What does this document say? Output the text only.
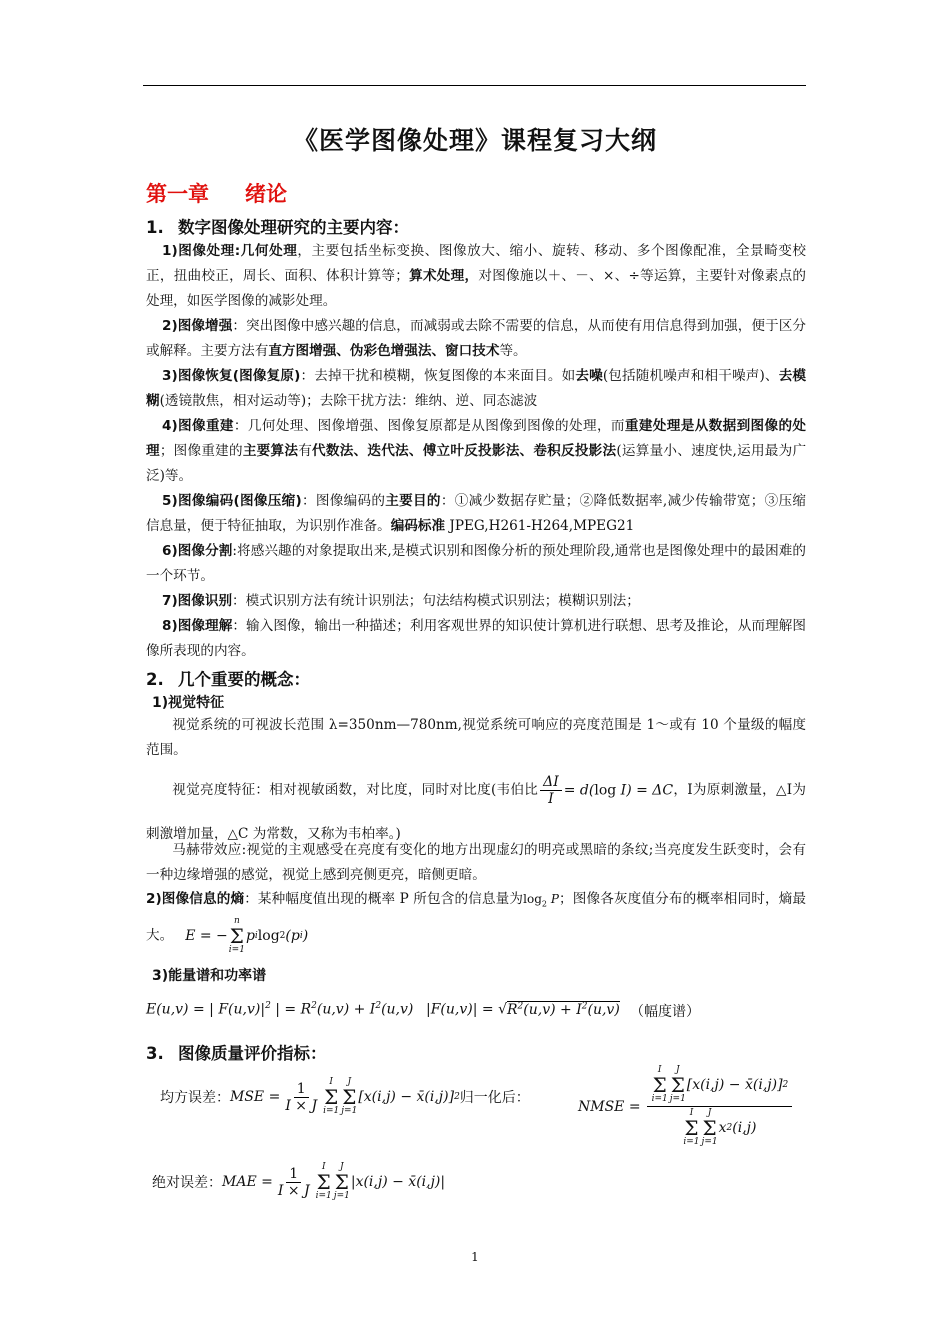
《医学图像处理》课程复习大纲
第一章 绪论
1. 数字图像处理研究的主要内容：
1)图像处理:几何处理，主要包括坐标变换、图像放大、缩小、旋转、移动、多个图像配准，全景畸变校正，扭曲校正，周长、面积、体积计算等；算术处理，对图像施以＋、－、×、÷等运算，主要针对像素点的处理，如医学图像的减影处理。
2)图像增强：突出图像中感兴趣的信息，而减弱或去除不需要的信息，从而使有用信息得到加强，便于区分或解释。主要方法有直方图增强、伪彩色增强法、窗口技术等。
3)图像恢复(图像复原)：去掉干扰和模糊，恢复图像的本来面目。如去噪(包括随机噪声和相干噪声)、去模糊(透镜散焦，相对运动等)；去除干扰方法：维纳、逆、同态滤波
4)图像重建：几何处理、图像增强、图像复原都是从图像到图像的处理，而重建处理是从数据到图像的处理；图像重建的主要算法有代数法、迭代法、傅立叶反投影法、卷积反投影法(运算量小、速度快,运用最为广泛)等。
5)图像编码(图像压缩)：图像编码的主要目的：①减少数据存贮量；②降低数据率,减少传输带宽；③压缩信息量，便于特征抽取，为识别作准备。编码标准 JPEG,H261-H264,MPEG21
6)图像分割:将感兴趣的对象提取出来,是模式识别和图像分析的预处理阶段,通常也是图像处理中的最困难的一个环节。
7)图像识别：模式识别方法有统计识别法；句法结构模式识别法；模糊识别法；
8)图像理解：输入图像，输出一种描述；利用客观世界的知识使计算机进行联想、思考及推论，从而理解图像所表现的内容。
2. 几个重要的概念：
1)视觉特征
视觉系统的可视波长范围 λ=350nm—780nm,视觉系统可响应的亮度范围是 1～或有 10 个量级的幅度范围。
视觉亮度特征：相对视敏函数，对比度，同时对比度(韦伯比 $\frac{\Delta I}{I} = d(\log$ I) = ΔC，Ⅰ为原刺激量，△Ⅰ为刺激增加量，△C 为常数，又称为韦柏率。)
马赫带效应:视觉的主观感受在亮度有变化的地方出现虚幻的明亮或黑暗的条纹;当亮度发生跃变时，会有一种边缘增强的感觉，视觉上感到亮侧更亮，暗侧更暗。
2)图像信息的熵：某种幅度值出现的概率 P 所包含的信息量为$\log_2 P$；图像各灰度值分布的概率相同时，熵最大。 E = −
n
Σ
i=1
p i log 2 (p i )
3)能量谱和功率谱
E(u,v) = | $F(u,v)|^2$ | = $R^2(u,v) + I^2(u,v) |F(u,v)| = √R^2(u,v) + I^2(u,v)$ （幅度谱）
3. 图像质量评价指标：
均方误差： MSE = $\frac{1}{I \times J}$ I
Σ
i=1
J
Σ
j=1
[x(i,j) − x̄(i,j)] 2 归一化后：
NMSE = I
Σ
i=1
J
Σ
j=1
[x(i,j) − x̄(i,j)] 2
I
Σ
i=1
J
Σ
j=1
x 2 (i,j)
绝对误差： MAE = $\frac{1}{I \times J}$ I
Σ
i=1
J
Σ
j=1
|x(i,j) − x̄(i,j)|
1
